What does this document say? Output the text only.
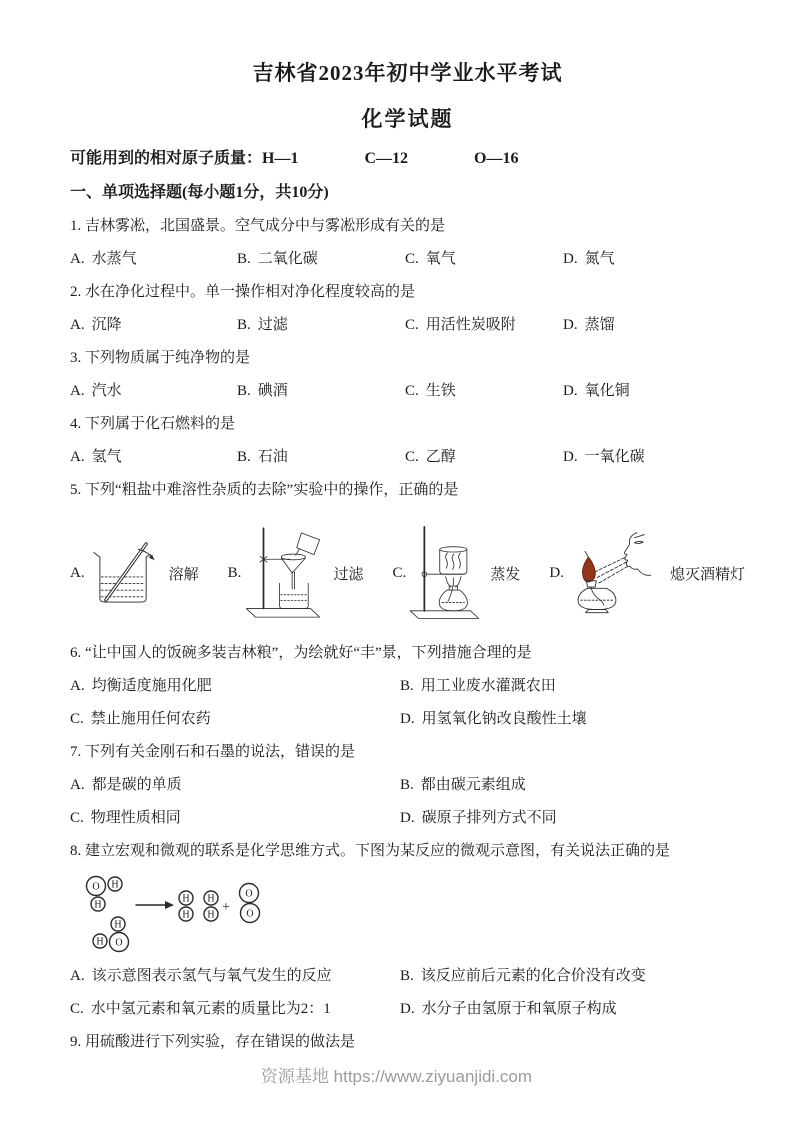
吉林省2023年初中学业水平考试
化学试题
可能用到的相对原子质量：H—1	C—12	O—16
一、单项选择题(每小题1分，共10分)
1. 吉林雾凇，北国盛景。空气成分中与雾凇形成有关的是
A. 水蒸气	B. 二氧化碳	C. 氧气	D. 氮气
2. 水在净化过程中。单一操作相对净化程度较高的是
A. 沉降	B. 过滤	C. 用活性炭吸附	D. 蒸馏
3. 下列物质属于纯净物的是
A. 汽水	B. 碘酒	C. 生铁	D. 氧化铜
4. 下列属于化石燃料的是
A. 氢气	B. 石油	C. 乙醇	D. 一氧化碳
5. 下列“粗盐中难溶性杂质的去除”实验中的操作，正确的是
A.	溶解 B.	过滤 C.	蒸发 D.	熄灭酒精灯
6. “让中国人的饭碗多装吉林粮”，为绘就好“丰”景，下列措施合理的是
A. 均衡适度施用化肥	B. 用工业废水灌溉农田
C. 禁止施用任何农药	D. 用氢氧化钠改良酸性土壤
7. 下列有关金刚石和石墨的说法，错误的是
A. 都是碳的单质	B. 都由碳元素组成
C. 物理性质相同	D. 碳原子排列方式不同
8. 建立宏观和微观的联系是化学思维方式。下图为某反应的微观示意图，有关说法正确的是
O H
H
H
H O
H
H
H
H +
O
O
A. 该示意图表示氢气与氧气发生的反应	B. 该反应前后元素的化合价没有改变
C. 水中氢元素和氧元素的质量比为2：1	D. 水分子由氢原于和氧原子构成
9. 用硫酸进行下列实验，存在错误的做法是
资源基地 https://www.ziyuanjidi.com
